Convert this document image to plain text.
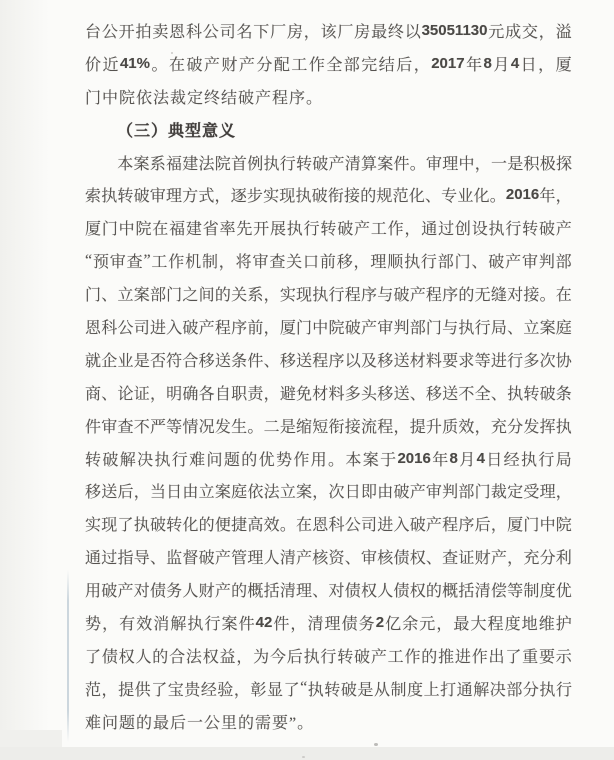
台 公 开 拍 卖 恩 科 公 司 名 下 厂 房 ， 该 厂 房 最 终 以 35051130 元 成 交 ， 溢
价 近 41% 。 在 破 产 财 产 分 配 工 作 全 部 完 结 后 ， 2017 年 8 月 4 日 ， 厦
门中院依法裁定终结破产程序。
（三）典型意义
本 案 系 福 建 法 院 首 例 执 行 转 破 产 清 算 案 件 。 审 理 中 ， 一 是 积 极 探
索 执 转 破 审 理 方 式 ， 逐 步 实 现 执 破 衔 接 的 规 范 化 、 专 业 化 。 2016 年 ，
厦 门 中 院 在 福 建 省 率 先 开 展 执 行 转 破 产 工 作 ， 通 过 创 设 执 行 转 破 产
“ 预 审 查 ” 工 作 机 制 ， 将 审 查 关 口 前 移 ， 理 顺 执 行 部 门 、 破 产 审 判 部
门 、 立 案 部 门 之 间 的 关 系 ， 实 现 执 行 程 序 与 破 产 程 序 的 无 缝 对 接 。 在
恩 科 公 司 进 入 破 产 程 序 前 ， 厦 门 中 院 破 产 审 判 部 门 与 执 行 局 、 立 案 庭
就 企 业 是 否 符 合 移 送 条 件 、 移 送 程 序 以 及 移 送 材 料 要 求 等 进 行 多 次 协
商 、 论 证 ， 明 确 各 自 职 责 ， 避 免 材 料 多 头 移 送 、 移 送 不 全 、 执 转 破 条
件 审 查 不 严 等 情 况 发 生 。 二 是 缩 短 衔 接 流 程 ， 提 升 质 效 ， 充 分 发 挥 执
转 破 解 决 执 行 难 问 题 的 优 势 作 用 。 本 案 于 2016 年 8 月 4 日 经 执 行 局
移 送 后 ， 当 日 由 立 案 庭 依 法 立 案 ， 次 日 即 由 破 产 审 判 部 门 裁 定 受 理 ，
实 现 了 执 破 转 化 的 便 捷 高 效 。 在 恩 科 公 司 进 入 破 产 程 序 后 ， 厦 门 中 院
通 过 指 导 、 监 督 破 产 管 理 人 清 产 核 资 、 审 核 债 权 、 查 证 财 产 ， 充 分 利
用 破 产 对 债 务 人 财 产 的 概 括 清 理 、 对 债 权 人 债 权 的 概 括 清 偿 等 制 度 优
势 ， 有 效 消 解 执 行 案 件 42 件 ， 清 理 债 务 2 亿 余 元 ， 最 大 程 度 地 维 护
了 债 权 人 的 合 法 权 益 ， 为 今 后 执 行 转 破 产 工 作 的 推 进 作 出 了 重 要 示
范 ， 提 供 了 宝 贵 经 验 ， 彰 显 了 “ 执 转 破 是 从 制 度 上 打 通 解 决 部 分 执 行
难问题的最后一公里的需要”。
